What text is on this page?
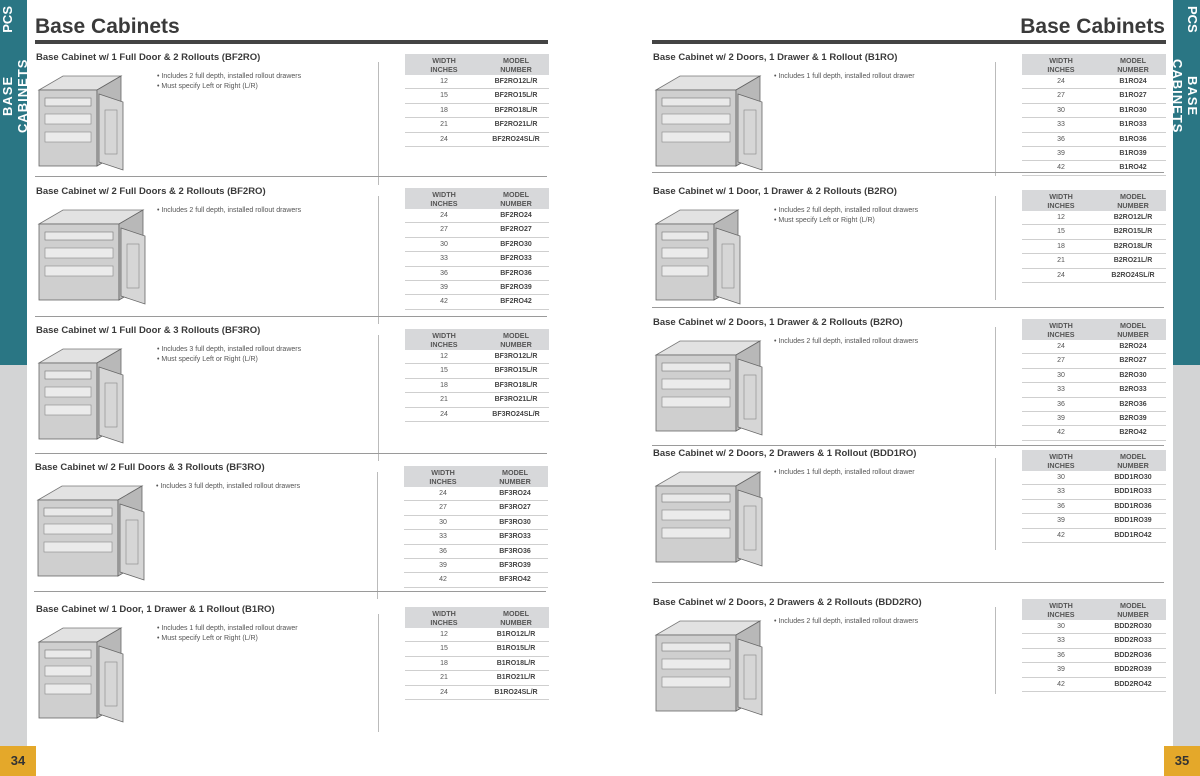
PCS
BASE CABINETS
PCS
BASE CABINETS
34	35
Base Cabinets	Base Cabinets
Base Cabinet w/ 1 Full Door & 2 Rollouts (BF2RO)
• Includes 2 full depth, installed rollout drawers
• Must specify Left or Right (L/R)
WIDTH
INCHES
MODEL
NUMBER
12	BF2RO12L/R
15	BF2RO15L/R
18	BF2RO18L/R
21	BF2RO21L/R
24	BF2RO24SL/R
Base Cabinet w/ 2 Full Doors & 2 Rollouts (BF2RO)
• Includes 2 full depth, installed rollout drawers
WIDTH
INCHES
MODEL
NUMBER
24	BF2RO24
27	BF2RO27
30	BF2RO30
33	BF2RO33
36	BF2RO36
39	BF2RO39
42	BF2RO42
Base Cabinet w/ 1 Full Door & 3 Rollouts (BF3RO)
• Includes 3 full depth, installed rollout drawers
• Must specify Left or Right (L/R)
WIDTH
INCHES
MODEL
NUMBER
12	BF3RO12L/R
15	BF3RO15L/R
18	BF3RO18L/R
21	BF3RO21L/R
24	BF3RO24SL/R
Base Cabinet w/ 2 Full Doors & 3 Rollouts (BF3RO)
• Includes 3 full depth, installed rollout drawers
WIDTH
INCHES
MODEL
NUMBER
24	BF3RO24
27	BF3RO27
30	BF3RO30
33	BF3RO33
36	BF3RO36
39	BF3RO39
42	BF3RO42
Base Cabinet w/ 1 Door, 1 Drawer & 1 Rollout (B1RO)
• Includes 1 full depth, installed rollout drawer
• Must specify Left or Right (L/R)
WIDTH
INCHES
MODEL
NUMBER
12	B1RO12L/R
15	B1RO15L/R
18	B1RO18L/R
21	B1RO21L/R
24	B1RO24SL/R
Base Cabinet w/ 2 Doors, 1 Drawer & 1 Rollout (B1RO)
• Includes 1 full depth, installed rollout drawer
WIDTH
INCHES
MODEL
NUMBER
24	B1RO24
27	B1RO27
30	B1RO30
33	B1RO33
36	B1RO36
39	B1RO39
42	B1RO42
Base Cabinet w/ 1 Door, 1 Drawer & 2 Rollouts (B2RO)
• Includes 2 full depth, installed rollout drawers
• Must specify Left or Right (L/R)
WIDTH
INCHES
MODEL
NUMBER
12	B2RO12L/R
15	B2RO15L/R
18	B2RO18L/R
21	B2RO21L/R
24	B2RO24SL/R
Base Cabinet w/ 2 Doors, 1 Drawer & 2 Rollouts (B2RO)
• Includes 2 full depth, installed rollout drawers
WIDTH
INCHES
MODEL
NUMBER
24	B2RO24
27	B2RO27
30	B2RO30
33	B2RO33
36	B2RO36
39	B2RO39
42	B2RO42
Base Cabinet w/ 2 Doors, 2 Drawers & 1 Rollout (BDD1RO)
• Includes 1 full depth, installed rollout drawer
WIDTH
INCHES
MODEL
NUMBER
30	BDD1RO30
33	BDD1RO33
36	BDD1RO36
39	BDD1RO39
42	BDD1RO42
Base Cabinet w/ 2 Doors, 2 Drawers & 2 Rollouts (BDD2RO)
• Includes 2 full depth, installed rollout drawers
WIDTH
INCHES
MODEL
NUMBER
30	BDD2RO30
33	BDD2RO33
36	BDD2RO36
39	BDD2RO39
42	BDD2RO42
